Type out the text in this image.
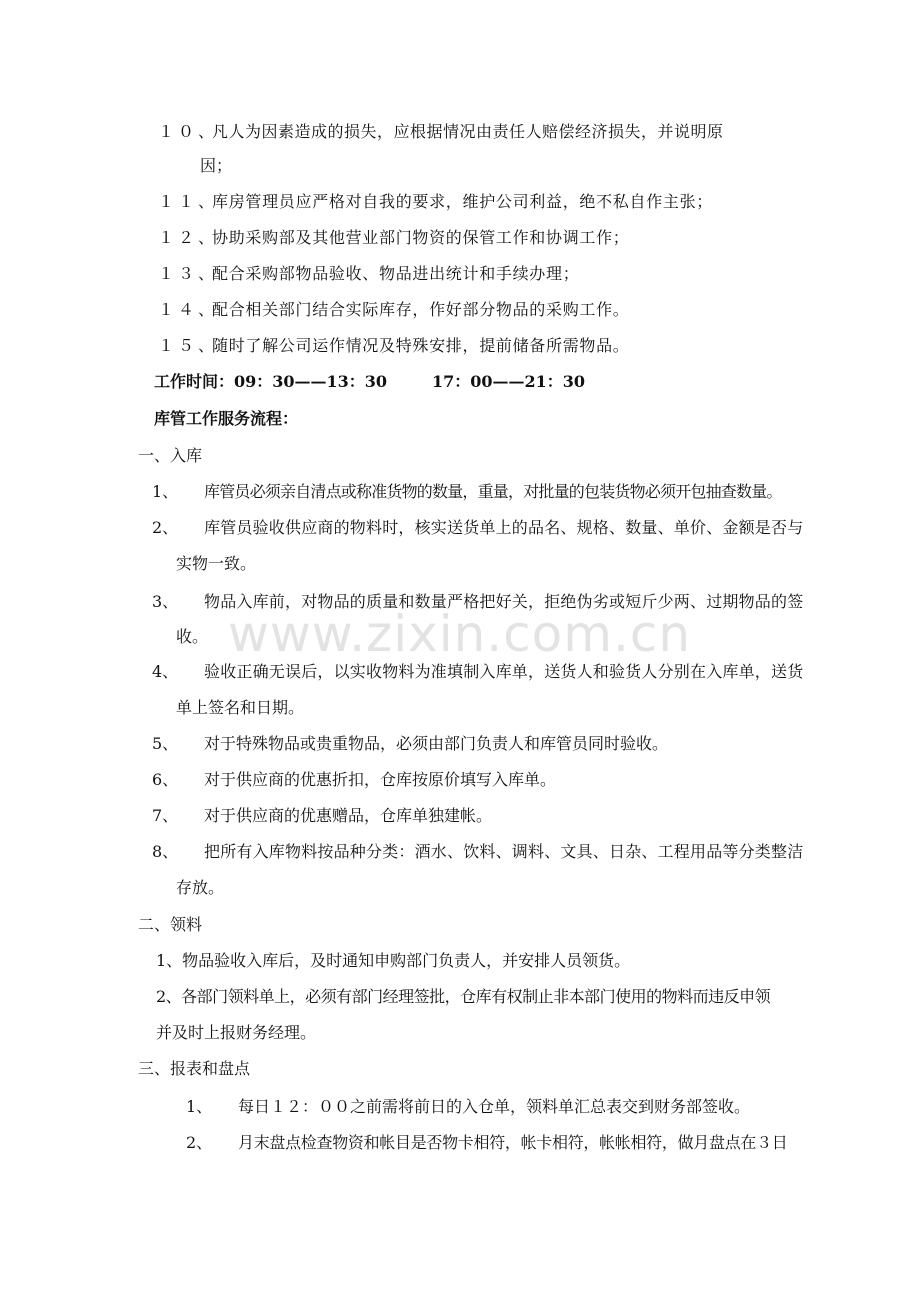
www.zixin.com.cn
１０、
凡人为因素造成的损失，应根据情况由责任人赔偿经济损失，并说明原
因；
１１、
库房管理员应严格对自我的要求，维护公司利益，绝不私自作主张；
１２、
协助采购部及其他营业部门物资的保管工作和协调工作；
１３、
配合采购部物品验收、物品进出统计和手续办理；
１４、
配合相关部门结合实际库存，作好部分物品的采购工作。
１５、
随时了解公司运作情况及特殊安排，提前储备所需物品。
工作时间： 09：30——13：30	17：00——21：30
库管工作服务流程：
一、入库
1、 库管员必须亲自清点或称准货物的数量，重量，对批量的包装货物必须开包抽查数量。
2、 库管员验收供应商的物料时，核实送货单上的品名、规格、数量、单价、金额是否与
实物一致。
3、 物品入库前，对物品的质量和数量严格把好关，拒绝伪劣或短斤少两、过期物品的签
收。
4、 验收正确无误后，以实收物料为准填制入库单，送货人和验货人分别在入库单，送货
单上签名和日期。
5、 对于特殊物品或贵重物品，必须由部门负责人和库管员同时验收。
6、 对于供应商的优惠折扣，仓库按原价填写入库单。
7、 对于供应商的优惠赠品，仓库单独建帐。
8、 把所有入库物料按品种分类：酒水、饮料、调料、文具、日杂、工程用品等分类整洁
存放。
二、领料
1、物品验收入库后，及时通知申购部门负责人，并安排人员领货。
2、各部门领料单上，必须有部门经理签批，仓库有权制止非本部门使用的物料而违反申领
并及时上报财务经理。
三、报表和盘点
1、 每日１２：００之前需将前日的入仓单，领料单汇总表交到财务部签收。
2、 月末盘点检查物资和帐目是否物卡相符，帐卡相符，帐帐相符，做月盘点在３日
